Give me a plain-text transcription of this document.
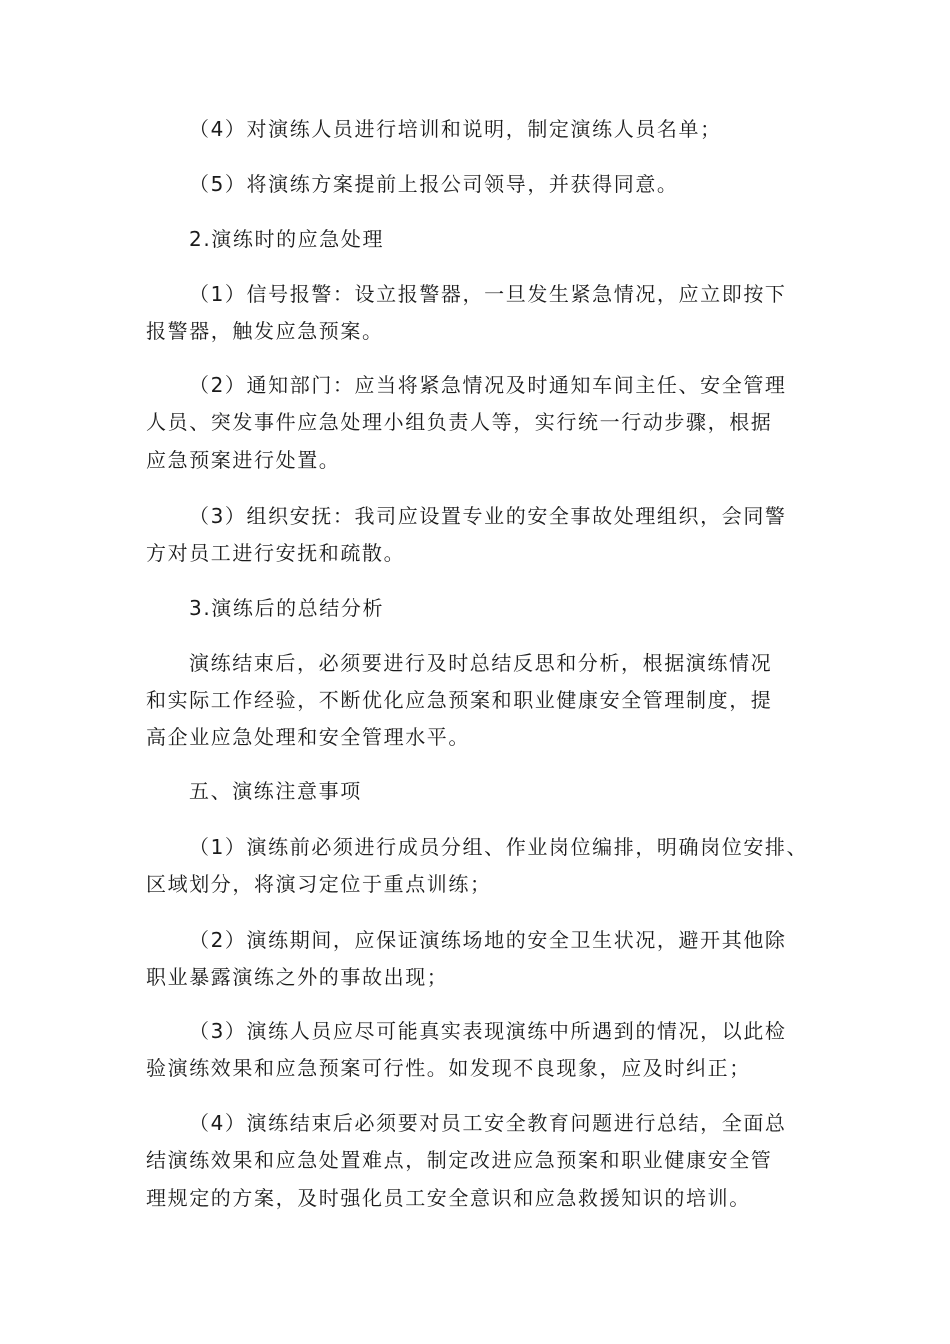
（4）对演练人员进行培训和说明，制定演练人员名单；
（5）将演练方案提前上报公司领导，并获得同意。
2.演练时的应急处理
（1）信号报警：设立报警器，一旦发生紧急情况，应立即按下
报警器，触发应急预案。
（2）通知部门：应当将紧急情况及时通知车间主任、安全管理
人员、突发事件应急处理小组负责人等，实行统一行动步骤，根据
应急预案进行处置。
（3）组织安抚：我司应设置专业的安全事故处理组织，会同警
方对员工进行安抚和疏散。
3.演练后的总结分析
演练结束后，必须要进行及时总结反思和分析，根据演练情况
和实际工作经验，不断优化应急预案和职业健康安全管理制度，提
高企业应急处理和安全管理水平。
五、演练注意事项
（1）演练前必须进行成员分组、作业岗位编排，明确岗位安排、
区域划分，将演习定位于重点训练；
（2）演练期间，应保证演练场地的安全卫生状况，避开其他除
职业暴露演练之外的事故出现；
（3）演练人员应尽可能真实表现演练中所遇到的情况，以此检
验演练效果和应急预案可行性。如发现不良现象，应及时纠正；
（4）演练结束后必须要对员工安全教育问题进行总结，全面总
结演练效果和应急处置难点，制定改进应急预案和职业健康安全管
理规定的方案，及时强化员工安全意识和应急救援知识的培训。
